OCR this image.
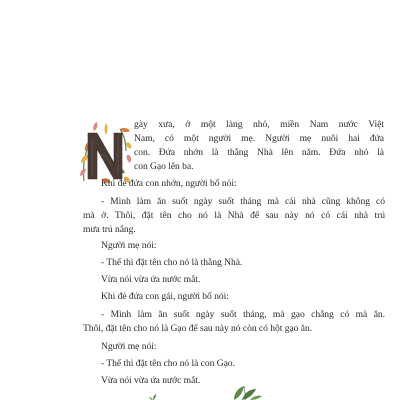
gày xưa, ở một làng nhỏ, miền Nam nước Việt
Nam, có một người mẹ. Người mẹ nuôi hai đứa
con. Đứa nhớn là thằng Nhà lên năm. Đứa nhỏ là
con Gạo lên ba.
Khi đẻ đứa con nhớn, người bố nói:
- Mình làm ăn suốt ngày suốt tháng mà cái nhà cũng không có
mà ở. Thôi, đặt tên cho nó là Nhà để sau này nó có cái nhà trú
mưa trú nắng.
Người mẹ nói:
- Thế thì đặt tên cho nó là thằng Nhà.
Vừa nói vừa ứa nước mắt.
Khi đẻ đứa con gái, người bố nói:
- Mình làm ăn suốt ngày suốt tháng, mà gạo chẳng có mà ăn.
Thôi, đặt tên cho nó là Gạo để sau này nó còn có hột gạo ăn.
Người mẹ nói:
- Thế thì đặt tên cho nó là con Gạo.
Vừa nói vừa ứa nước mắt.
